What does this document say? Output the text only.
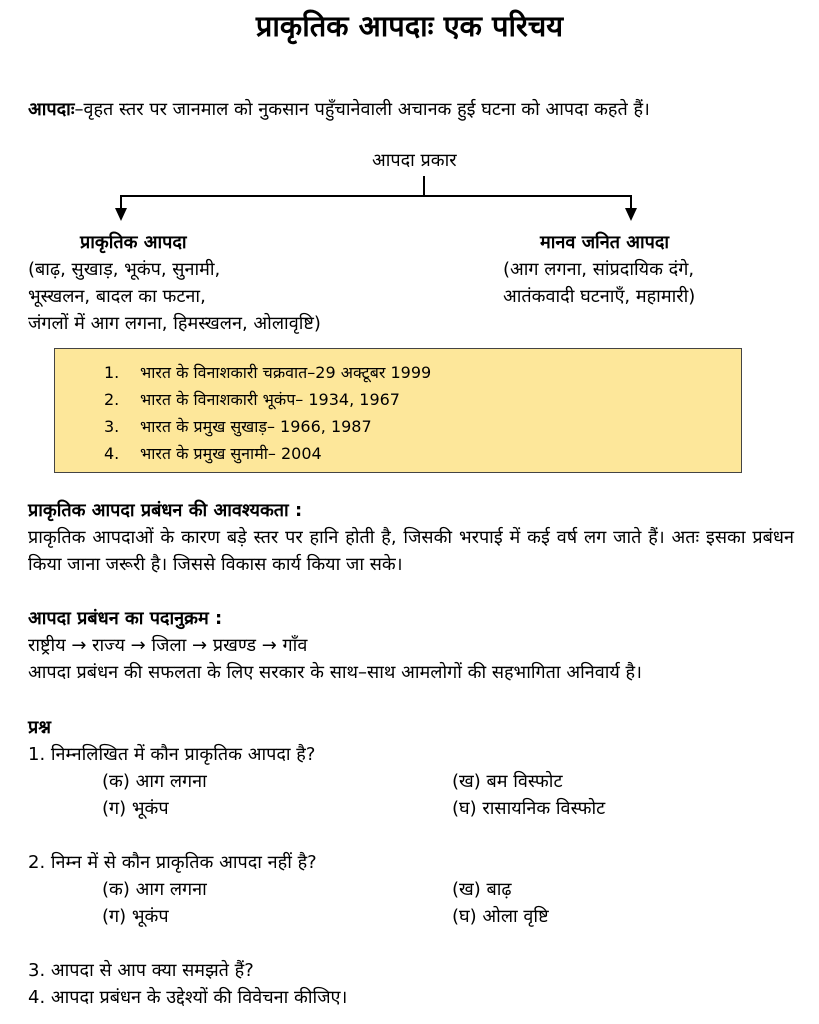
प्राकृतिक आपदाः एक परिचय
आपदाः–वृहत स्तर पर जानमाल को नुकसान पहुँचानेवाली अचानक हुई घटना को आपदा कहते हैं।
आपदा प्रकार
प्राकृतिक आपदा
(बाढ़, सुखाड़, भूकंप, सुनामी,
भूस्खलन, बादल का फटना,
जंगलों में आग लगना, हिमस्खलन, ओलावृष्टि)
मानव जनित आपदा
(आग लगना, सांप्रदायिक दंगे,
आतंकवादी घटनाएँ, महामारी)
1. भारत के विनाशकारी चक्रवात–29 अक्टूबर 1999
2. भारत के विनाशकारी भूकंप– 1934, 1967
3. भारत के प्रमुख सुखाड़– 1966, 1987
4. भारत के प्रमुख सुनामी– 2004
प्राकृतिक आपदा प्रबंधन की आवश्यकता :
प्राकृतिक आपदाओं के कारण बड़े स्तर पर हानि होती है, जिसकी भरपाई में कई वर्ष लग जाते हैं। अतः इसका प्रबंधन किया जाना जरूरी है। जिससे विकास कार्य किया जा सके।
आपदा प्रबंधन का पदानुक्रम :
राष्ट्रीय → राज्य → जिला → प्रखण्ड → गाँव
आपदा प्रबंधन की सफलता के लिए सरकार के साथ–साथ आमलोगों की सहभागिता अनिवार्य है।
प्रश्न
1. निम्नलिखित में कौन प्राकृतिक आपदा है?
(क) आग लगना	(ख) बम विस्फोट
(ग) भूकंप	(घ) रासायनिक विस्फोट
2. निम्न में से कौन प्राकृतिक आपदा नहीं है?
(क) आग लगना	(ख) बाढ़
(ग) भूकंप	(घ) ओला वृष्टि
3. आपदा से आप क्या समझते हैं?
4. आपदा प्रबंधन के उद्देश्यों की विवेचना कीजिए।
